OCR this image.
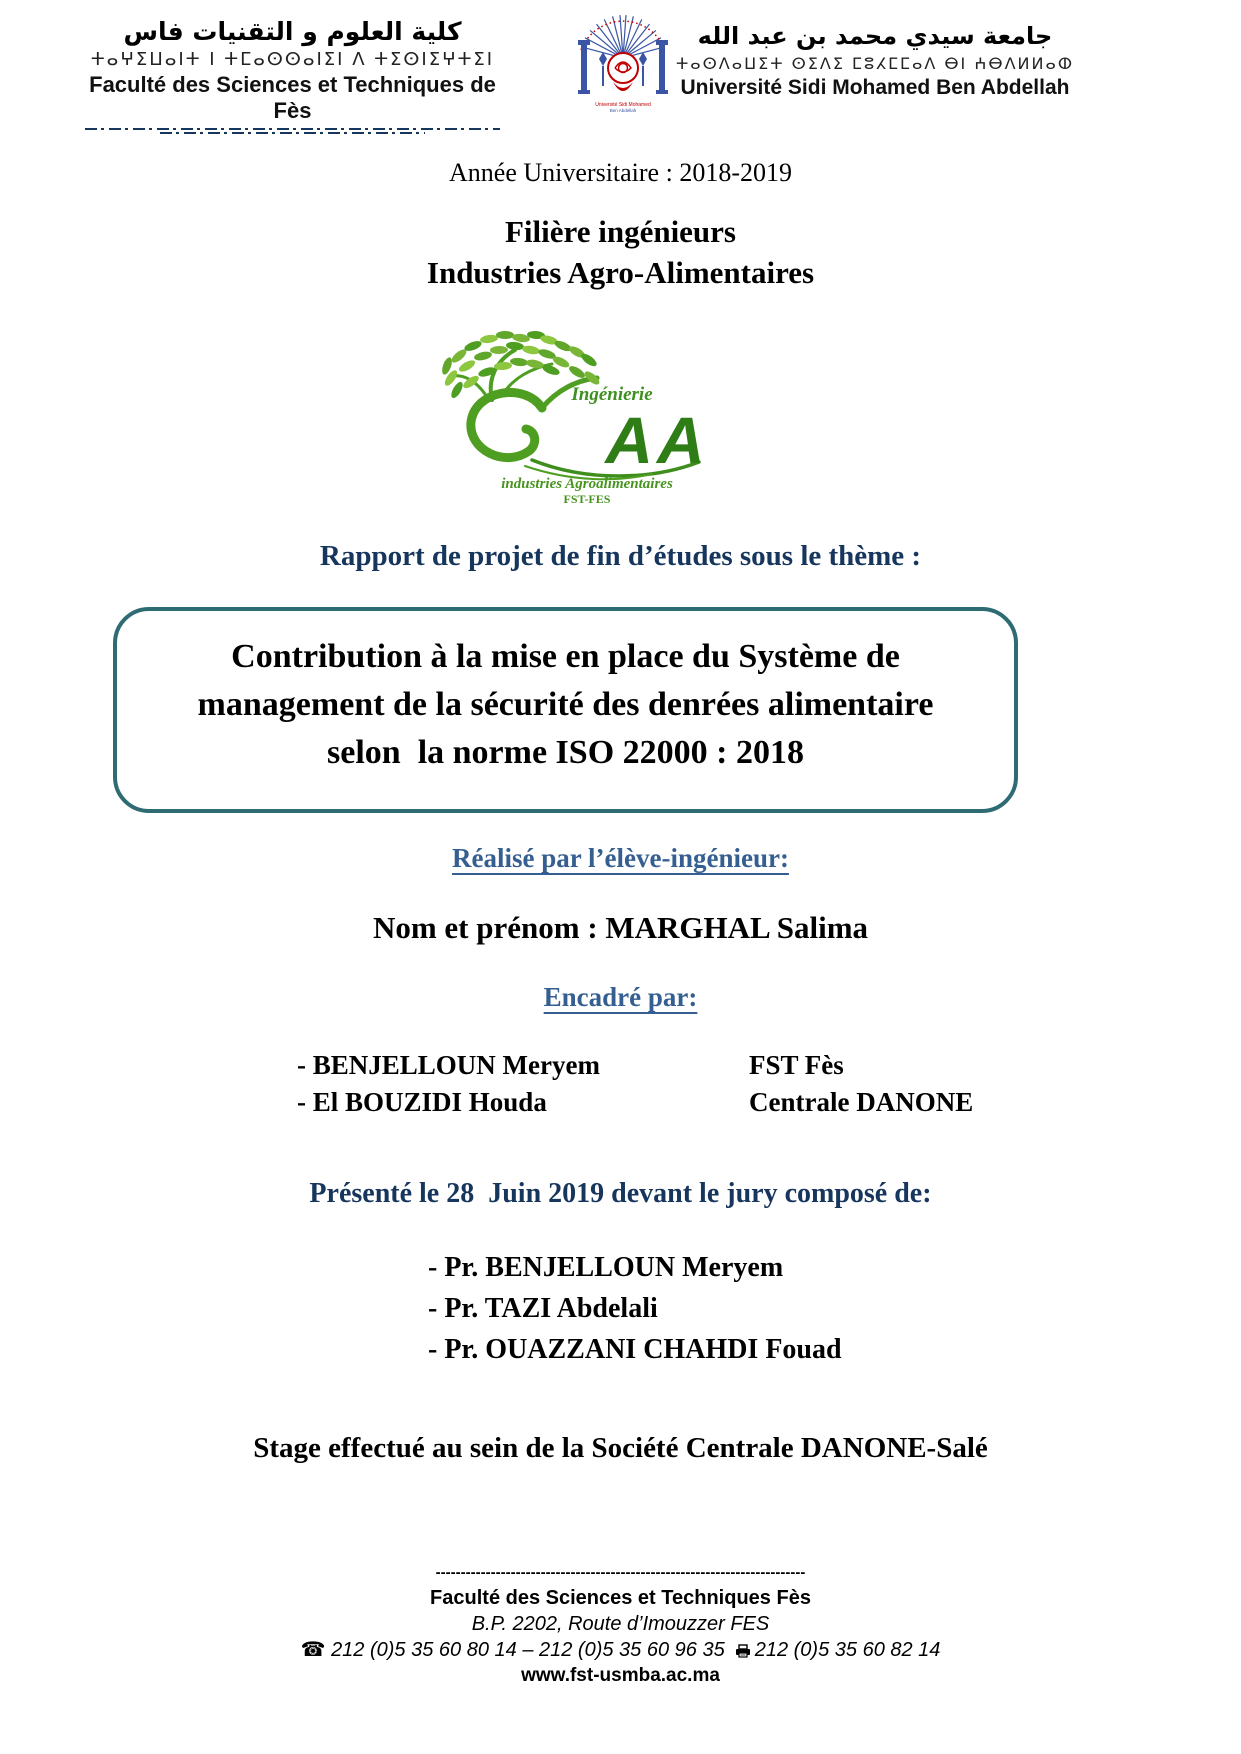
كلية العلوم و التقنيات فاس
ⵜⴰⵖⵉⵡⴰⵏⵜ ⵏ ⵜⵎⴰⵙⵙⴰⵏⵉⵏ ⴷ ⵜⵉⵙⵏⵉⵖⵜⵉⵏ
Faculté des Sciences et Techniques de Fès	Université Sidi Mohamed
Ben Abdellah
جامعة سيدي محمد بن عبد الله
ⵜⴰⵙⴷⴰⵡⵉⵜ ⵙⵉⴷⵉ ⵎⵓⵃⵎⵎⴰⴷ ⴱⵏ ⵄⴱⴷⵍⵍⴰⵀ
Université Sidi Mohamed Ben Abdellah
Année Universitaire : 2018-2019
Filière ingénieurs
Industries Agro-Alimentaires
Ingénierie
AA
industries Agroalimentaires
FST-FES
Rapport de projet de fin d’études sous le thème :
Contribution à la mise en place du Système de
management de la sécurité des denrées alimentaire
selon  la norme ISO 22000 : 2018
Réalisé par l’élève-ingénieur:
Nom et prénom : MARGHAL Salima
Encadré par:
- BENJELLOUN Meryem	FST Fès
- El BOUZIDI Houda	Centrale DANONE
Présenté le 28  Juin 2019 devant le jury composé de:
- Pr. BENJELLOUN Meryem
- Pr. TAZI Abdelali
- Pr. OUAZZANI CHAHDI Fouad
Stage effectué au sein de la Société Centrale DANONE-Salé
--------------------------------------------------------------------------
Faculté des Sciences et Techniques Fès
B.P. 2202, Route d’Imouzzer FES
☎ 212 (0)5 35 60 80 14 – 212 (0)5 35 60 96 35 212 (0)5 35 60 82 14
www.fst-usmba.ac.ma
